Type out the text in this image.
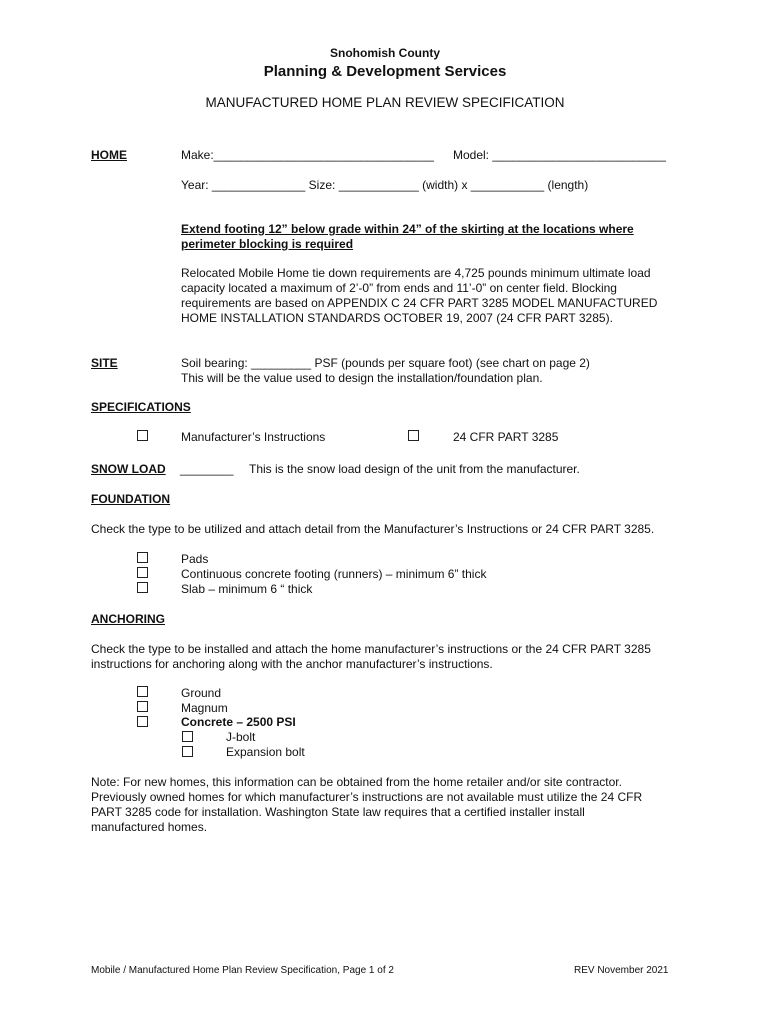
Snohomish County
Planning & Development Services
MANUFACTURED HOME PLAN REVIEW SPECIFICATION
HOME	Make:_________________________________ Model: __________________________
Year: ______________ Size: ____________ (width) x ___________ (length)
Extend footing 12” below grade within 24” of the skirting at the locations where
perimeter blocking is required
Relocated Mobile Home tie down requirements are 4,725 pounds minimum ultimate load
capacity located a maximum of 2’-0” from ends and 11’-0” on center field. Blocking
requirements are based on APPENDIX C 24 CFR PART 3285 MODEL MANUFACTURED
HOME INSTALLATION STANDARDS OCTOBER 19, 2007 (24 CFR PART 3285).
SITE	Soil bearing: _________ PSF (pounds per square foot) (see chart on page 2)
This will be the value used to design the installation/foundation plan.
SPECIFICATIONS
Manufacturer’s Instructions	24 CFR PART 3285
SNOW LOAD ________ This is the snow load design of the unit from the manufacturer.
FOUNDATION
Check the type to be utilized and attach detail from the Manufacturer’s Instructions or 24 CFR PART 3285.
Pads
Continuous concrete footing (runners) – minimum 6” thick
Slab – minimum 6 “ thick
ANCHORING
Check the type to be installed and attach the home manufacturer’s instructions or the 24 CFR PART 3285
instructions for anchoring along with the anchor manufacturer’s instructions.
Ground
Magnum
Concrete – 2500 PSI
J-bolt
Expansion bolt
Note: For new homes, this information can be obtained from the home retailer and/or site contractor.
Previously owned homes for which manufacturer’s instructions are not available must utilize the 24 CFR
PART 3285 code for installation. Washington State law requires that a certified installer install
manufactured homes.
Mobile / Manufactured Home Plan Review Specification, Page 1 of 2	REV November 2021
